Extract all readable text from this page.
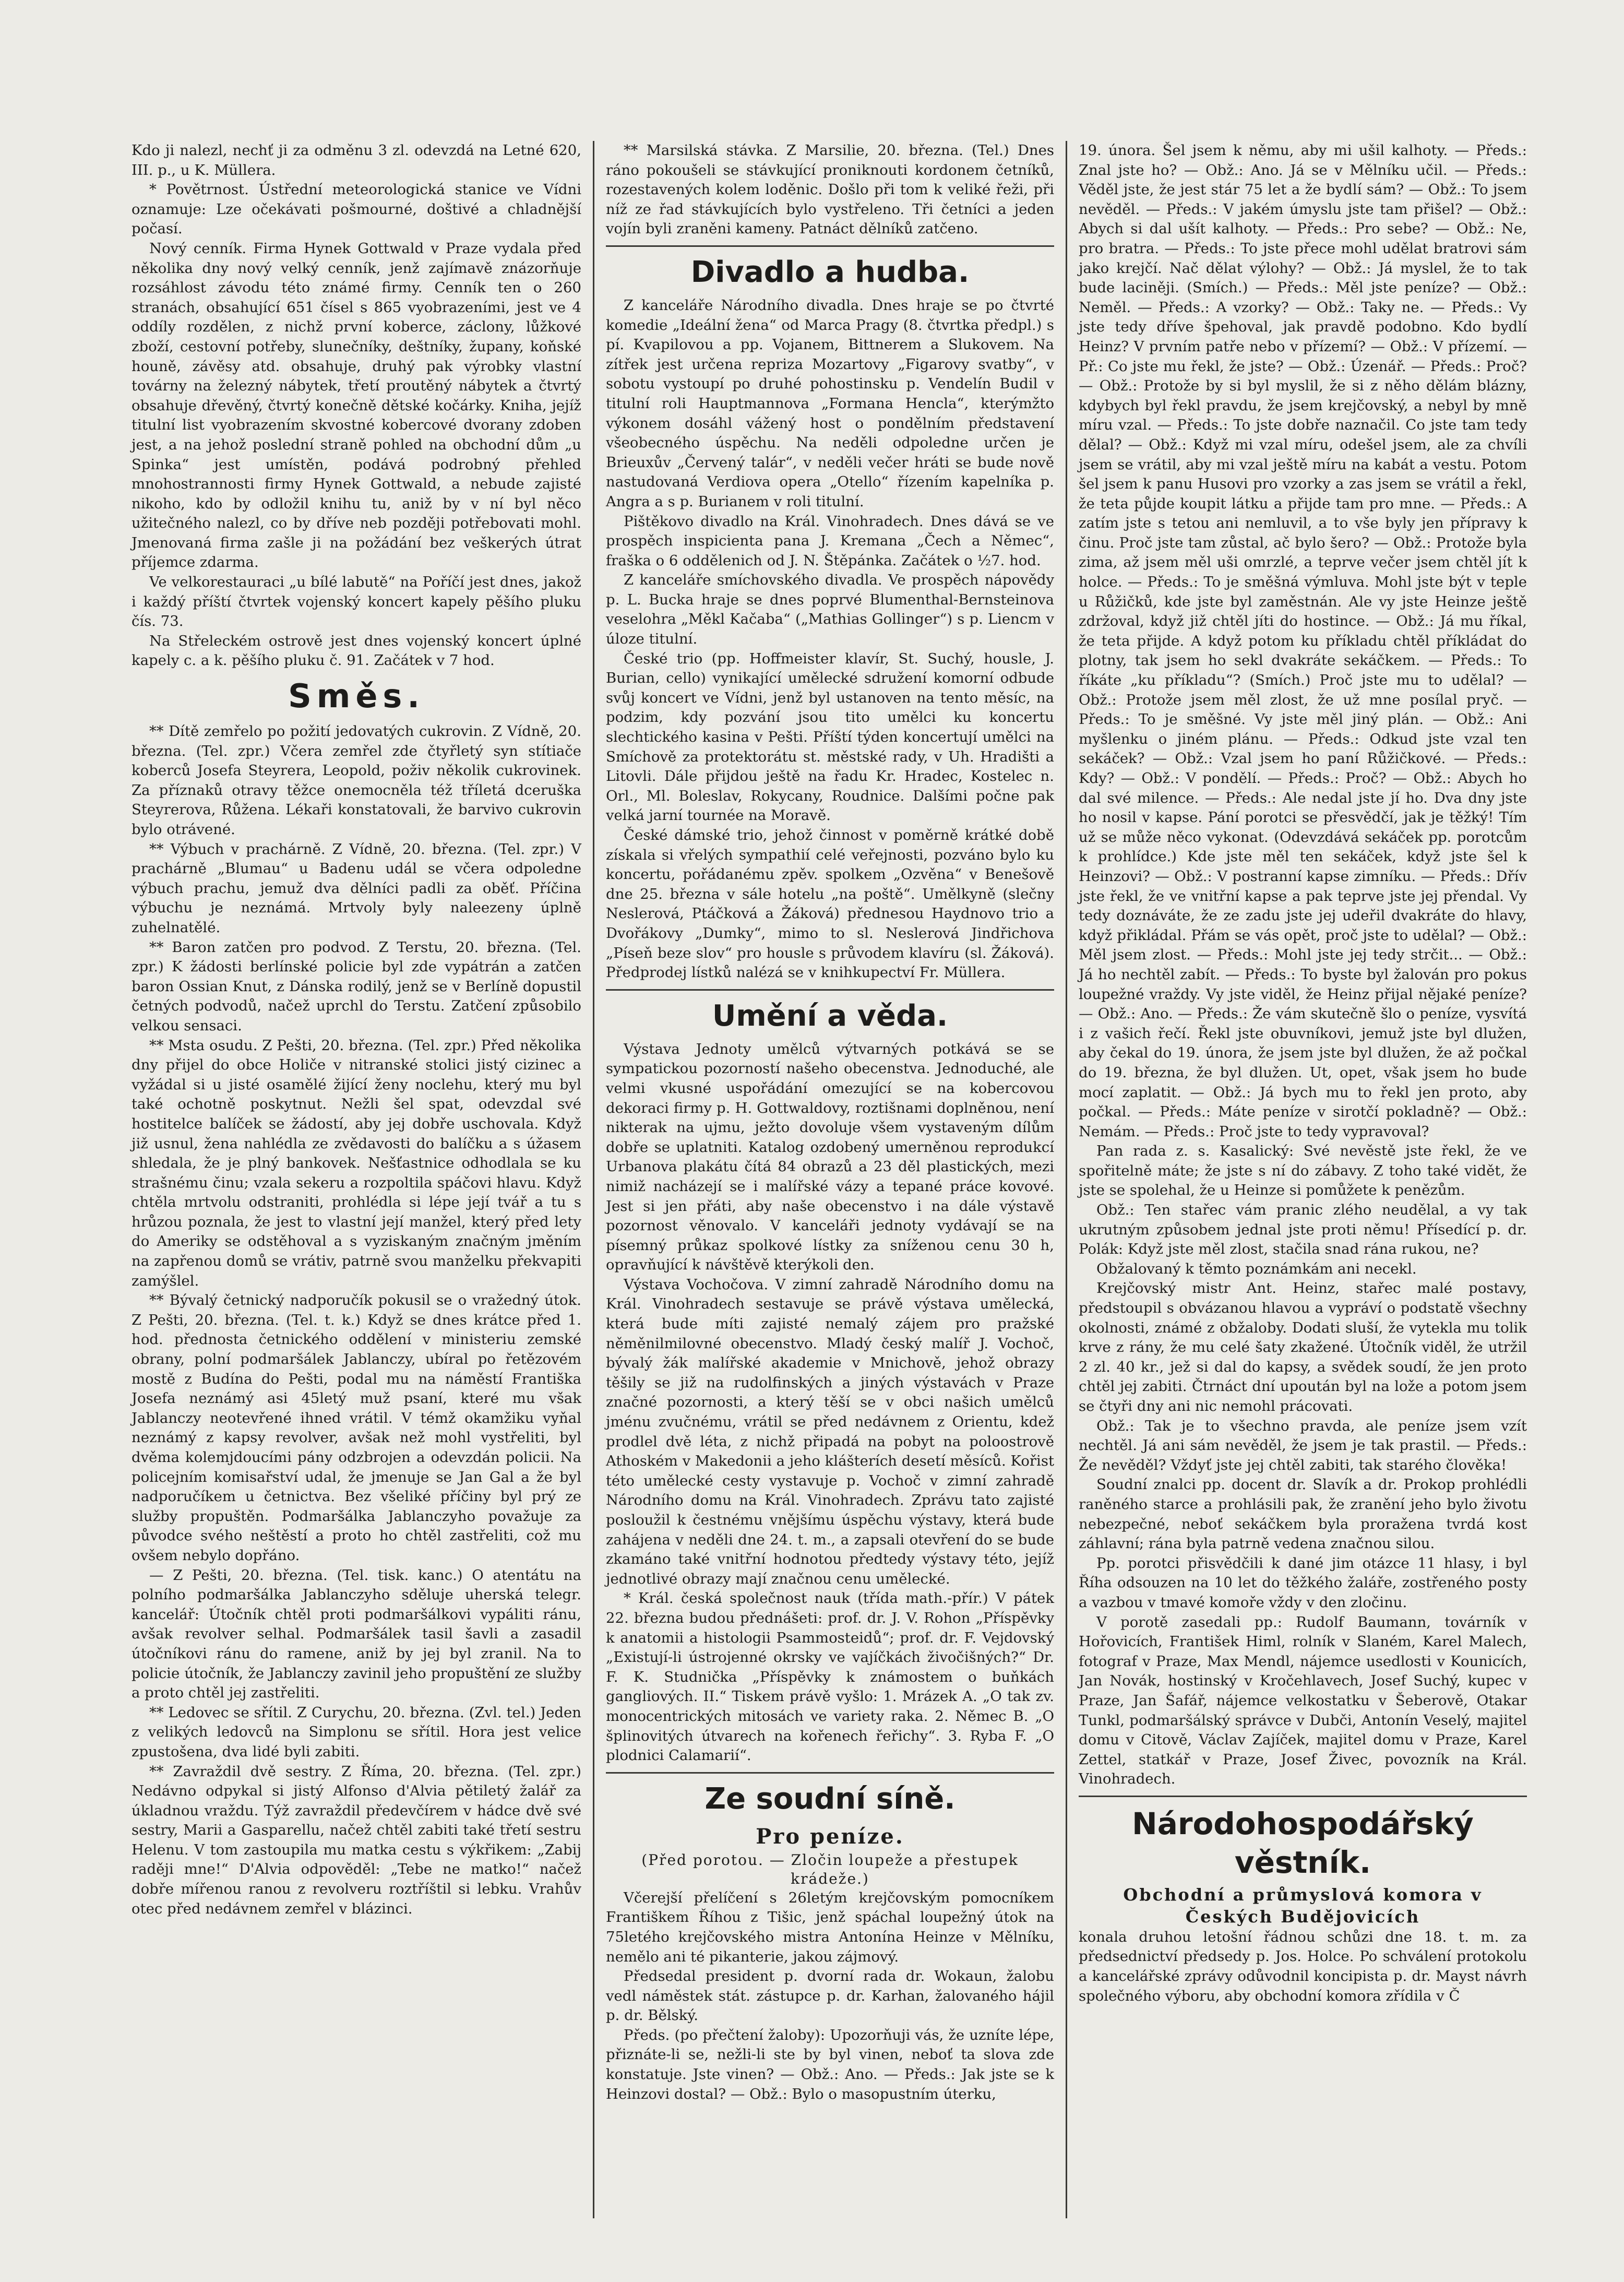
Kdo ji nalezl, nechť ji za odměnu 3 zl. odevzdá na Letné 620, III. p., u K. Müllera.

* Povětrnost. Ústřední meteorologická stanice ve Vídni oznamuje: Lze očekávati pošmourné, doštivé a chladnější počasí.

Nový cenník. Firma Hynek Gottwald v Praze vydala před několika dny nový velký cenník, jenž zajímavě znázorňuje rozsáhlost závodu této známé firmy. Cenník ten o 260 stranách, obsahující 651 čísel s 865 vyobrazeními, jest ve 4 oddíly rozdělen, z nichž první koberce, záclony, lůžkové zboží, cestovní potřeby, slunečníky, deštníky, župany, koňské houně, závěsy atd. obsahuje, druhý pak výrobky vlastní továrny na železný nábytek, třetí proutěný nábytek a čtvrtý obsahuje dřevěný, čtvrtý konečně dětské kočárky. Kniha, jejíž titulní list vyobrazením skvostné kobercové dvorany zdoben jest, a na jehož poslední straně pohled na obchodní dům „u Spinka“ jest umístěn, podává podrobný přehled mnohostrannosti firmy Hynek Gottwald, a nebude zajisté nikoho, kdo by odložil knihu tu, aniž by v ní byl něco užitečného nalezl, co by dříve neb později potřebovati mohl. Jmenovaná firma zašle ji na požádání bez veškerých útrat příjemce zdarma.

Ve velkorestauraci „u bílé labutě“ na Poříčí jest dnes, jakož i každý příští čtvrtek vojenský koncert kapely pěšího pluku čís. 73.

Na Střeleckém ostrově jest dnes vojenský koncert úplné kapely c. a k. pěšího pluku č. 91. Začátek v 7 hod.

Směs.

** Dítě zemřelo po požití jedovatých cukrovin. Z Vídně, 20. března. (Tel. zpr.) Včera zemřel zde čtyřletý syn stítiače koberců Josefa Steyrera, Leopold, poživ několik cukrovinek. Za příznaků otravy těžce onemocněla též tříletá dceruška Steyrerova, Růžena. Lékaři konstatovali, že barvivo cukrovin bylo otrávené.

** Výbuch v prachárně. Z Vídně, 20. března. (Tel. zpr.) V prachárně „Blumau“ u Badenu udál se včera odpoledne výbuch prachu, jemuž dva dělníci padli za oběť. Příčina výbuchu je neznámá. Mrtvoly byly naleezeny úplně zuhelnatělé.

** Baron zatčen pro podvod. Z Terstu, 20. března. (Tel. zpr.) K žádosti berlínské policie byl zde vypátrán a zatčen baron Ossian Knut, z Dánska rodilý, jenž se v Berlíně dopustil četných podvodů, načež uprchl do Terstu. Zatčení způsobilo velkou sensaci.

** Msta osudu. Z Pešti, 20. března. (Tel. zpr.) Před několika dny přijel do obce Holiče v nitranské stolici jistý cizinec a vyžádal si u jisté osamělé žijící ženy noclehu, který mu byl také ochotně poskytnut. Nežli šel spat, odevzdal své hostitelce balíček se žádostí, aby jej dobře uschovala. Když již usnul, žena nahlédla ze zvědavosti do balíčku a s úžasem shledala, že je plný bankovek. Nešťastnice odhodlala se ku strašnému činu; vzala sekeru a rozpoltila spáčovi hlavu. Když chtěla mrtvolu odstraniti, prohlédla si lépe její tvář a tu s hrůzou poznala, že jest to vlastní její manžel, který před lety do Ameriky se odstěhoval a s vyziskaným značným jměním na zapřenou domů se vrátiv, patrně svou manželku překvapiti zamýšlel.

** Bývalý četnický nadporučík pokusil se o vražedný útok. Z Pešti, 20. března. (Tel. t. k.) Když se dnes krátce před 1. hod. přednosta četnického oddělení v ministeriu zemské obrany, polní podmaršálek Jablanczy, ubíral po řetězovém mostě z Budína do Pešti, podal mu na náměstí Františka Josefa neznámý asi 45letý muž psaní, které mu však Jablanczy neotevřené ihned vrátil. V témž okamžiku vyňal neznámý z kapsy revolver, avšak než mohl vystřeliti, byl dvěma kolemjdoucími pány odzbrojen a odevzdán policii. Na policejním komisařství udal, že jmenuje se Jan Gal a že byl nadporučíkem u četnictva. Bez všeliké příčiny byl prý ze služby propuštěn. Podmaršálka Jablanczyho považuje za původce svého neštěstí a proto ho chtěl zastřeliti, což mu ovšem nebylo dopřáno.

— Z Pešti, 20. března. (Tel. tisk. kanc.) O atentátu na polního podmaršálka Jablanczyho sděluje uherská telegr. kancelář: Útočník chtěl proti podmaršálkovi vypáliti ránu, avšak revolver selhal. Podmaršálek tasil šavli a zasadil útočníkovi ránu do ramene, aniž by jej byl zranil. Na to policie útočník, že Jablanczy zavinil jeho propuštění ze služby a proto chtěl jej zastřeliti.

** Ledovec se sřítil. Z Curychu, 20. března. (Zvl. tel.) Jeden z velikých ledovců na Simplonu se sřítil. Hora jest velice zpustošena, dva lidé byli zabiti.

** Zavraždil dvě sestry. Z Říma, 20. března. (Tel. zpr.) Nedávno odpykal si jistý Alfonso d'Alvia pětiletý žalář za úkladnou vraždu. Týž zavraždil předevčírem v hádce dvě své sestry, Marii a Gasparellu, načež chtěl zabiti také třetí sestru Helenu. V tom zastoupila mu matka cestu s výkřikem: „Zabij raději mne!“ D'Alvia odpověděl: „Tebe ne matko!“ načež dobře mířenou ranou z revolveru roztříštil si lebku. Vrahův otec před nedávnem zemřel v blázinci.

** Marsilská stávka. Z Marsilie, 20. března. (Tel.) Dnes ráno pokoušeli se stávkující proniknouti kordonem četníků, rozestavených kolem loděnic. Došlo při tom k veliké řeži, při níž ze řad stávkujících bylo vystřeleno. Tři četníci a jeden vojín byli zraněni kameny. Patnáct dělníků zatčeno.

Divadlo a hudba.

Z kanceláře Národního divadla. Dnes hraje se po čtvrté komedie „Ideální žena“ od Marca Pragy (8. čtvrtka předpl.) s pí. Kvapilovou a pp. Vojanem, Bittnerem a Slukovem. Na zítřek jest určena repriza Mozartovy „Figarovy svatby“, v sobotu vystoupí po druhé pohostinsku p. Vendelín Budil v titulní roli Hauptmannova „Formana Hencla“, kterýmžto výkonem dosáhl vážený host o pondělním představení všeobecného úspěchu. Na neděli odpoledne určen je Brieuxův „Červený talár“, v neděli večer hráti se bude nově nastudovaná Verdiova opera „Otello“ řízením kapelníka p. Angra a s p. Burianem v roli titulní.

Pištěkovo divadlo na Král. Vinohradech. Dnes dává se ve prospěch inspicienta pana J. Kremana „Čech a Němec“, fraška o 6 oddělenich od J. N. Štěpánka. Začátek o ½7. hod.

Z kanceláře smíchovského divadla. Ve prospěch nápovědy p. L. Bucka hraje se dnes poprvé Blumenthal-Bernsteinova veselohra „Měkl Kačaba“ („Mathias Gollinger“) s p. Liencm v úloze titulní.

České trio (pp. Hoffmeister klavír, St. Suchý, housle, J. Burian, cello) vynikající umělecké sdružení komorní odbude svůj koncert ve Vídni, jenž byl ustanoven na tento měsíc, na podzim, kdy pozvání jsou tito umělci ku koncertu slechtického kasina v Pešti. Příští týden koncertují umělci na Smíchově za protektorátu st. městské rady, v Uh. Hradišti a Litovli. Dále přijdou ještě na řadu Kr. Hradec, Kostelec n. Orl., Ml. Boleslav, Rokycany, Roudnice. Dalšími počne pak velká jarní tournée na Moravě.

České dámské trio, jehož činnost v poměrně krátké době získala si vřelých sympathií celé veřejnosti, pozváno bylo ku koncertu, pořádanému zpěv. spolkem „Ozvěna“ v Benešově dne 25. března v sále hotelu „na poště“. Umělkyně (slečny Neslerová, Ptáčková a Žáková) přednesou Haydnovo trio a Dvořákovy „Dumky“, mimo to sl. Neslerová Jindřichova „Píseň beze slov“ pro housle s průvodem klavíru (sl. Žáková). Předprodej lístků nalézá se v knihkupectví Fr. Müllera.

Umění a věda.

Výstava Jednoty umělců výtvarných potkává se se sympatickou pozorností našeho obecenstva. Jednoduché, ale velmi vkusné uspořádání omezující se na kobercovou dekoraci firmy p. H. Gottwaldovy, roztišnami doplněnou, není nikterak na ujmu, ježto dovoluje všem vystaveným dílům dobře se uplatniti. Katalog ozdobený umerněnou reprodukcí Urbanova plakátu čítá 84 obrazů a 23 děl plastických, mezi nimiž nacházejí se i malířské vázy a tepané práce kovové. Jest si jen přáti, aby naše obecenstvo i na dále výstavě pozornost věnovalo. V kanceláři jednoty vydávají se na písemný průkaz spolkové lístky za sníženou cenu 30 h, opravňující k návštěvě kterýkoli den.

Výstava Vochočova. V zimní zahradě Národního domu na Král. Vinohradech sestavuje se právě výstava umělecká, která bude míti zajisté nemalý zájem pro pražské něměnilmilovné obecenstvo. Mladý český malíř J. Vochoč, bývalý žák malířské akademie v Mnichově, jehož obrazy těšily se již na rudolfinských a jiných výstavách v Praze značné pozornosti, a který těší se v obci našich umělců jménu zvučnému, vrátil se před nedávnem z Orientu, kdež prodlel dvě léta, z nichž připadá na pobyt na poloostrově Athoském v Makedonii a jeho klášterích desetí měsíců. Kořist této umělecké cesty vystavuje p. Vochoč v zimní zahradě Národního domu na Král. Vinohradech. Zprávu tato zajisté posloužil k čestnému vnějšímu úspěchu výstavy, která bude zahájena v neděli dne 24. t. m., a zapsali otevření do se bude zkamáno také vnitřní hodnotou předtedy výstavy této, jejíž jednotlivé obrazy mají značnou cenu umělecké.

* Král. česká společnost nauk (třída math.-přír.) V pátek 22. března budou přednášeti: prof. dr. J. V. Rohon „Příspěvky k anatomii a histologii Psammosteidů“; prof. dr. F. Vejdovský „Existují-li ústrojenné okrsky ve vajíčkách živočišných?“ Dr. F. K. Studnička „Příspěvky k známostem o buňkách gangliových. II.“ Tiskem právě vyšlo: 1. Mrázek A. „O tak zv. monocentrických mitosách ve variety raka. 2. Němec B. „O šplinovitých útvarech na kořenech řeřichy“. 3. Ryba F. „O plodnici Calamarií“.

Ze soudní síně.
Pro peníze.
(Před porotou. — Zločin loupeže a přestupek krádeže.)

Včerejší přelíčení s 26letým krejčovským pomocníkem Františkem Říhou z Tišic, jenž spáchal loupežný útok na 75letého krejčovského mistra Antonína Heinze v Mělníku, nemělo ani té pikanterie, jakou zájmový.

Předsedal president p. dvorní rada dr. Wokaun, žalobu vedl náměstek stát. zástupce p. dr. Karhan, žalovaného hájil p. dr. Bělský.

Předs. (po přečtení žaloby): Upozorňuji vás, že uzníte lépe, přiznáte-li se, nežli-li ste by byl vinen, neboť ta slova zde konstatuje. Jste vinen? — Obž.: Ano. — Předs.: Jak jste se k Heinzovi dostal? — Obž.: Bylo o masopustním úterku,

19. února. Šel jsem k němu, aby mi ušil kalhoty. — Předs.: Znal jste ho? — Obž.: Ano. Já se v Mělníku učil. — Předs.: Věděl jste, že jest stár 75 let a že bydlí sám? — Obž.: To jsem nevěděl. — Předs.: V jakém úmyslu jste tam přišel? — Obž.: Abych si dal ušít kalhoty. — Předs.: Pro sebe? — Obž.: Ne, pro bratra. — Předs.: To jste přece mohl udělat bratrovi sám jako krejčí. Nač dělat výlohy? — Obž.: Já myslel, že to tak bude laciněji. (Smích.) — Předs.: Měl jste peníze? — Obž.: Neměl. — Předs.: A vzorky? — Obž.: Taky ne. — Předs.: Vy jste tedy dříve špehoval, jak pravdě podobno. Kdo bydlí Heinz? V prvním patře nebo v přízemí? — Obž.: V přízemí. — Př.: Co jste mu řekl, že jste? — Obž.: Úzenář. — Předs.: Proč? — Obž.: Protože by si byl myslil, že si z něho dělám blázny, kdybych byl řekl pravdu, že jsem krejčovský, a nebyl by mně míru vzal. — Předs.: To jste dobře naznačil. Co jste tam tedy dělal? — Obž.: Když mi vzal míru, odešel jsem, ale za chvíli jsem se vrátil, aby mi vzal ještě míru na kabát a vestu. Potom šel jsem k panu Husovi pro vzorky a zas jsem se vrátil a řekl, že teta půjde koupit látku a přijde tam pro mne. — Předs.: A zatím jste s tetou ani nemluvil, a to vše byly jen přípravy k činu. Proč jste tam zůstal, ač bylo šero? — Obž.: Protože byla zima, až jsem měl uši omrzlé, a teprve večer jsem chtěl jít k holce. — Předs.: To je směšná výmluva. Mohl jste být v teple u Růžičků, kde jste byl zaměstnán. Ale vy jste Heinze ještě zdržoval, když již chtěl jíti do hostince. — Obž.: Já mu říkal, že teta přijde. A když potom ku příkladu chtěl příkládat do plotny, tak jsem ho sekl dvakráte sekáčkem. — Předs.: To říkáte „ku příkladu“? (Smích.) Proč jste mu to udělal? — Obž.: Protože jsem měl zlost, že už mne posílal pryč. — Předs.: To je směšné. Vy jste měl jiný plán. — Obž.: Ani myšlenku o jiném plánu. — Předs.: Odkud jste vzal ten sekáček? — Obž.: Vzal jsem ho paní Růžičkové. — Předs.: Kdy? — Obž.: V pondělí. — Předs.: Proč? — Obž.: Abych ho dal své milence. — Předs.: Ale nedal jste jí ho. Dva dny jste ho nosil v kapse. Pání porotci se přesvědčí, jak je těžký! Tím už se může něco vykonat. (Odevzdává sekáček pp. porotcům k prohlídce.) Kde jste měl ten sekáček, když jste šel k Heinzovi? — Obž.: V postranní kapse zimníku. — Předs.: Dřív jste řekl, že ve vnitřní kapse a pak teprve jste jej přendal. Vy tedy doznáváte, že ze zadu jste jej udeřil dvakráte do hlavy, když přikládal. Přám se vás opět, proč jste to udělal? — Obž.: Měl jsem zlost. — Předs.: Mohl jste jej tedy strčit... — Obž.: Já ho nechtěl zabít. — Předs.: To byste byl žalován pro pokus loupežné vraždy. Vy jste viděl, že Heinz přijal nějaké peníze? — Obž.: Ano. — Předs.: Že vám skutečně šlo o peníze, vysvítá i z vašich řečí. Řekl jste obuvníkovi, jemuž jste byl dlužen, aby čekal do 19. února, že jsem jste byl dlužen, že až počkal do 19. března, že byl dlužen. Ut, opet, však jsem ho bude mocí zaplatit. — Obž.: Já bych mu to řekl jen proto, aby počkal. — Předs.: Máte peníze v sirotčí pokladně? — Obž.: Nemám. — Předs.: Proč jste to tedy vypravoval?

Pan rada z. s. Kasalický: Své nevěstě jste řekl, že ve spořitelně máte; že jste s ní do zábavy. Z toho také vidět, že jste se spolehal, že u Heinze si pomůžete k penězům.

Obž.: Ten stařec vám pranic zlého neudělal, a vy tak ukrutným způsobem jednal jste proti němu! Přísedící p. dr. Polák: Když jste měl zlost, stačila snad rána rukou, ne?

Obžalovaný k těmto poznámkám ani necekl.

Krejčovský mistr Ant. Heinz, stařec malé postavy, předstoupil s obvázanou hlavou a vypráví o podstatě všechny okolnosti, známé z obžaloby. Dodati sluší, že vytekla mu tolik krve z rány, že mu celé šaty zkažené. Útočník viděl, že utržil 2 zl. 40 kr., jež si dal do kapsy, a svědek soudí, že jen proto chtěl jej zabiti. Čtrnáct dní upoután byl na lože a potom jsem se čtyři dny ani nic nemohl prácovati.

Obž.: Tak je to všechno pravda, ale peníze jsem vzít nechtěl. Já ani sám nevěděl, že jsem je tak prastil. — Předs.: Že nevěděl? Vždyť jste jej chtěl zabiti, tak starého člověka!

Soudní znalci pp. docent dr. Slavík a dr. Prokop prohlédli raněného starce a prohlásili pak, že zranění jeho bylo životu nebezpečné, neboť sekáčkem byla proražena tvrdá kost záhlavní; rána byla patrně vedena značnou silou.

Pp. porotci přisvědčili k dané jim otázce 11 hlasy, i byl Říha odsouzen na 10 let do těžkého žaláře, zostřeného posty a vazbou v tmavé komoře vždy v den zločinu.

V porotě zasedali pp.: Rudolf Baumann, továrník v Hořovicích, František Himl, rolník v Slaném, Karel Malech, fotograf v Praze, Max Mendl, nájemce usedlosti v Kounicích, Jan Novák, hostinský v Kročehlavech, Josef Suchý, kupec v Praze, Jan Šafář, nájemce velkostatku v Šeberově, Otakar Tunkl, podmaršálský správce v Dubči, Antonín Veselý, majitel domu v Citově, Václav Zajíček, majitel domu v Praze, Karel Zettel, statkář v Praze, Josef Živec, povozník na Král. Vinohradech.

Národohospodářský věstník.
Obchodní a průmyslová komora v Českých Budějovicích

konala druhou letošní řádnou schůzi dne 18. t. m. za předsednictví předsedy p. Jos. Holce. Po schválení protokolu a kancelářské zprávy odůvodnil koncipista p. dr. Mayst návrh společného výboru, aby obchodní komora zřídila v Č
